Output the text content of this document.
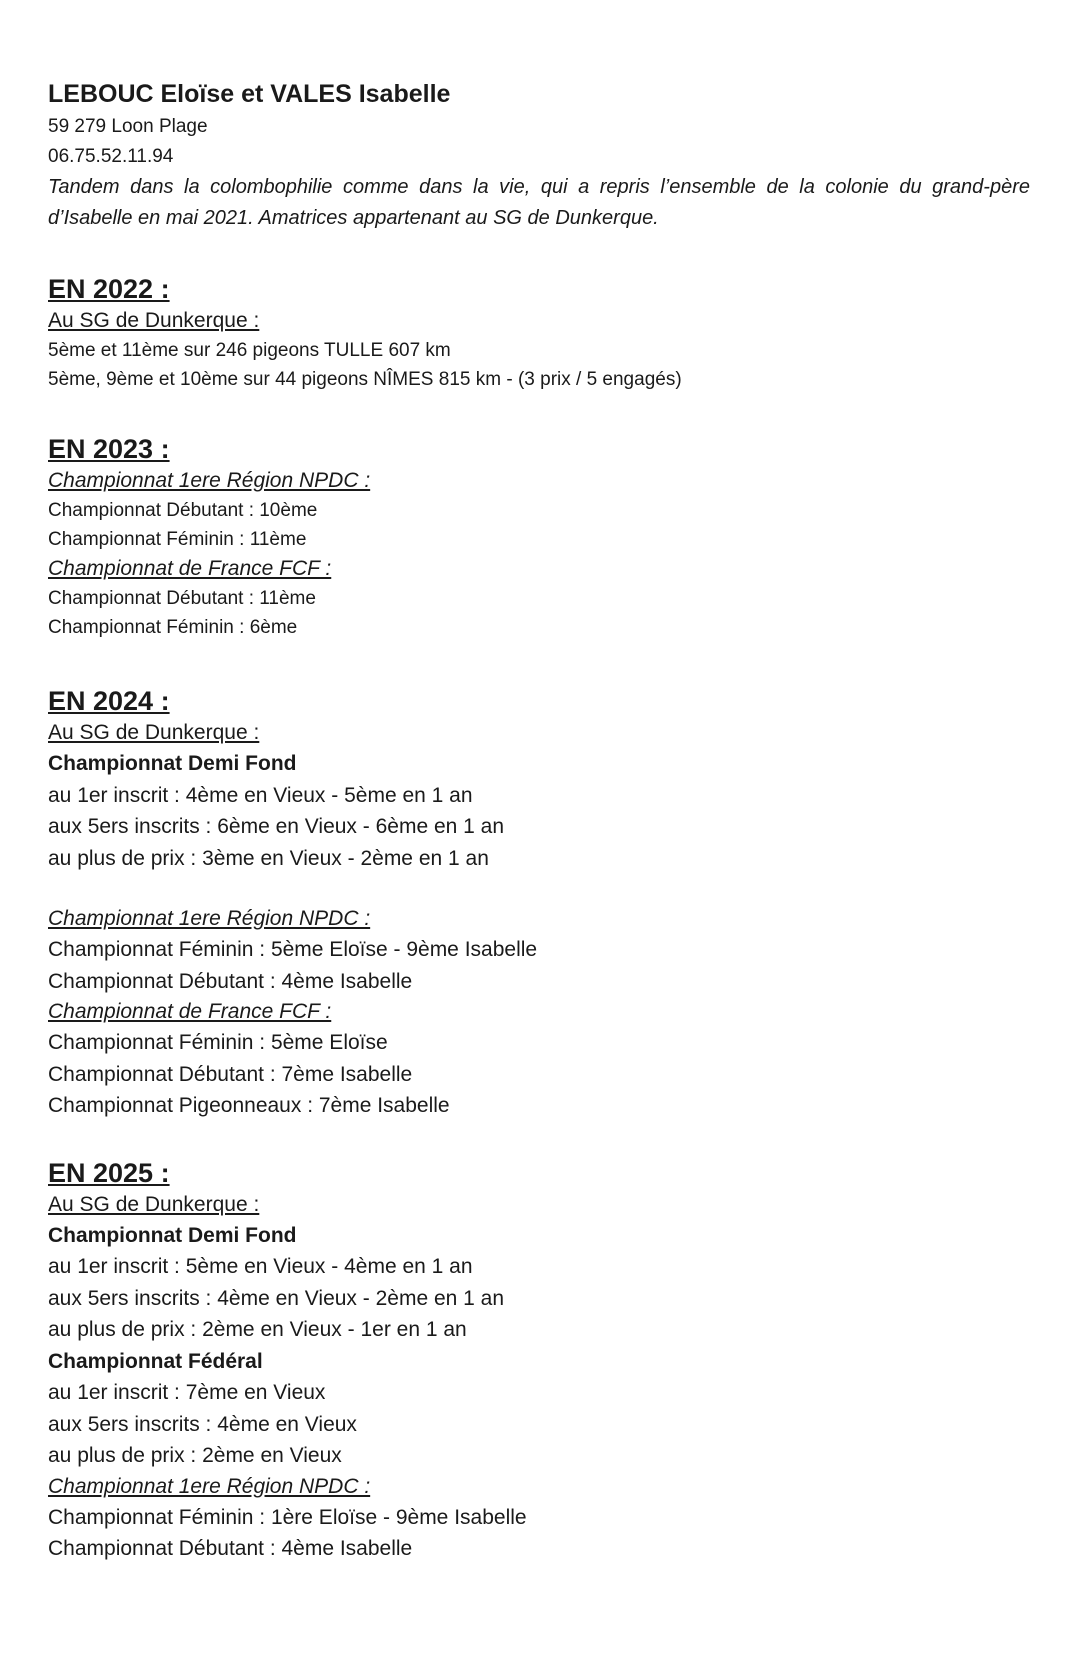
LEBOUC Eloïse et VALES Isabelle

59 279 Loon Plage

06.75.52.11.94

Tandem dans la colombophilie comme dans la vie, qui a repris l’ensemble de la colonie du grand-père d’Isabelle en mai 2021. Amatrices appartenant au SG de Dunkerque.

EN 2022 :

Au SG de Dunkerque :

5ème et 11ème sur 246 pigeons TULLE 607 km

5ème, 9ème et 10ème sur 44 pigeons NÎMES 815 km - (3 prix / 5 engagés)

EN 2023 :

Championnat 1ere Région NPDC :

Championnat Débutant : 10ème

Championnat Féminin : 11ème

Championnat de France FCF :

Championnat Débutant : 11ème

Championnat Féminin : 6ème

EN 2024 :

Au SG de Dunkerque :

Championnat Demi Fond

au 1er inscrit : 4ème en Vieux - 5ème en 1 an

aux 5ers inscrits : 6ème en Vieux - 6ème en 1 an

au plus de prix : 3ème en Vieux - 2ème en 1 an

Championnat 1ere Région NPDC :

Championnat Féminin : 5ème Eloïse - 9ème Isabelle

Championnat Débutant : 4ème Isabelle

Championnat de France FCF :

Championnat Féminin : 5ème Eloïse

Championnat Débutant : 7ème Isabelle

Championnat Pigeonneaux : 7ème Isabelle

EN 2025 :

Au SG de Dunkerque :

Championnat Demi Fond

au 1er inscrit : 5ème en Vieux - 4ème en 1 an

aux 5ers inscrits : 4ème en Vieux - 2ème en 1 an

au plus de prix : 2ème en Vieux - 1er en 1 an

Championnat Fédéral

au 1er inscrit : 7ème en Vieux

aux 5ers inscrits : 4ème en Vieux

au plus de prix : 2ème en Vieux

Championnat 1ere Région NPDC :

Championnat Féminin : 1ère Eloïse - 9ème Isabelle

Championnat Débutant : 4ème Isabelle
